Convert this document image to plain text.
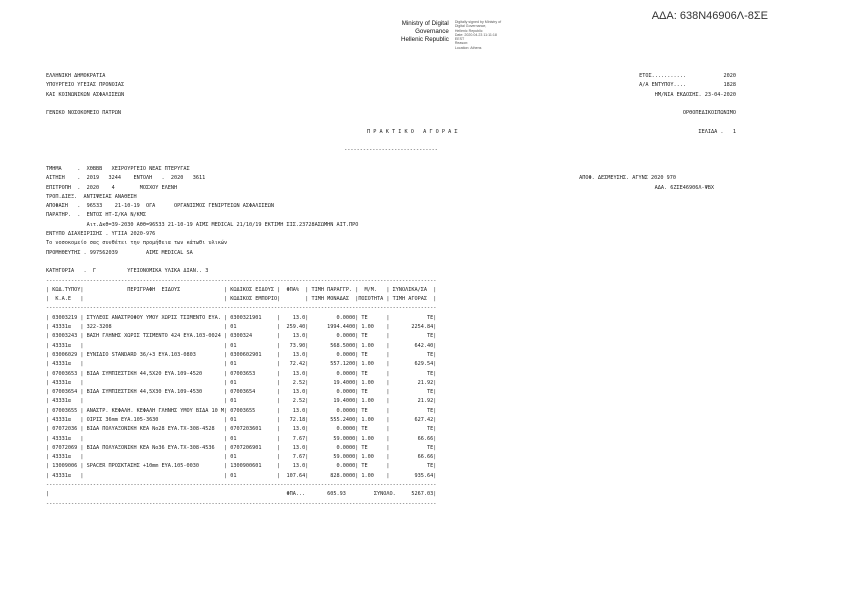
ΑΔΑ: 638Ν46906Λ-8ΣΕ
Ministry of Digital
Governance
Hellenic Republic
Digitally signed by Ministry of
Digital Governance,
Hellenic Republic
Date: 2020.04.23 11:11:18
EEST
Reason:
Location: Athens
ΕΛΛΗΝΙΚΗ ΔΗΜΟΚΡΑΤΙΑ	ΕΤΟΣ...........	2020
ΥΠΟΥΡΓΕΙΟ ΥΓΕΙΑΣ ΠΡΟΝΟΙΑΣ	Α/Α ΕΝΤΥΠΟΥ....	1828
ΚΑΙ ΚΟΙΝΩΝΙΚΩΝ ΑΣΦΑΛΙΣΕΩΝ	ΗΜ/ΝΙΑ ΕΚΔΟΣΗΣ. 23-04-2020
ΓΕΝΙΚΟ ΝΟΣΟΚΟΜΕΙΟ ΠΑΤΡΩΝ	ΟΡΘΟΠΕΔΙΚΟΙΠΩΝΙΜΟ
Π Ρ Α Κ Τ Ι Κ Ο   Α Γ Ο Ρ Α Σ	ΣΕΛΙΔΑ .   1
------------------------------
ΤΜΗΜΑ     .  ΧΘΒΒΒ   ΧΕΙΡΟΥΡΓΕΙΟ ΝΕΑΣ ΠΤΕΡΥΓΑΣ
ΑΙΤΗΣΗ    .  2019   3244    ΕΝΤΟΛΗ   .  2020   3611	ΑΠΟΦ. ΔΕΣΜΕΥΣΗΣ. ΑΓΥΝΣ 2020 970
ΕΠΙΤΡΟΠΗ  .  2020    4        ΜΟΣΧΟΥ ΕΛΕΝΗ	ΑΔΑ. 6ΖΣΕ46906Λ-ΨΒΧ
ΤΡΟΠ.ΔΙΕΞ.  ΑΝΤΙΨΕΙΑΣ ΑΝΑΘΕΣΗ
ΑΠΟΦΑΣΗ   .  96533    21-10-19  ΟΓΑ      ΟΡΓΑΝΙΣΜΟΣ ΓΕΝΙΡΤΕΙΩΝ ΑΣΦΑΛΙΣΕΩΝ
ΠΑΡΑΤΗΡ.  .  ΕΝΤΟΣ ΗΤ-Σ/ΚΑ Ν/ΚΜΣ
Αιτ.Δκθ=39-2030 Αθθ=96533 21-10-19 ΑΙΜΣ MEDICAL 21/10/19 ΕΚΤΙΜΗ ΣΙΣ.23728ΑΣΩΜΗΝ ΑΙΤ.ΠΡΟ
ΕΝΤΥΠΟ ΔΙΑΧΕΙΡΙΣΗΣ . ΥΓΙΙΑ 2020-976
Το νοσοκομείο σας συνθέτει την προμήθεια των κάτωθι υλικών
ΠΡΟΜΗΘΕΥΤΗΣ . 997562039         ΑΙΜΣ MEDICAL SA
ΚΑΤΗΓΟΡΙΑ   .  Γ          ΥΓΕΙΟΝΟΜΙΚΑ ΥΛΙΚΑ ΔΙΑΝ.. 3
-----------------------------------------------------------------------------------------------------------------------------
| ΚΩΔ.ΤΥΠΟΥ|              ΠΕΡΙΓΡΑΦΗ  ΕΙΔΟΥΣ              | ΚΩΔΙΚΟΣ ΕΙΔΟΥΣ |  ΦΠΑ%  | ΤΙΜΗ ΠΑΡΑΓΓΡ. |  Μ/Μ.   | ΣΥΝΟΛΙΚΑ/ΣΑ  |
|  Κ.Α.Ε   |                                             | ΚΩΔΙΚΟΣ ΕΜΠΟΡΙΟ|        | ΤΙΜΗ ΜΟΝΑΔΑΣ  |ΠΟΣΟΤΗΤΑ | ΤΙΜΗ ΑΓΟΡΑΣ  |
-----------------------------------------------------------------------------------------------------------------------------
| 03003219 | ΣΤΥΛΕΟΣ ΑΝΑΣΤΡΟΦΟΥ ΥΜΟΥ ΧΩΡΙΣ ΤΣΙΜΕΝΤΟ ΕΥΑ. | 0300321901     |    13.0|         0.0000| ΤΕ      |            ΤΕ|
| 43331α   | 322-3208                                    | 01             |  259.40|      1994.4400| 1.00    |       2254.84|
| 03003243 | ΒΑΣΗ ΓΛΗΝΗΣ ΧΩΡΙΣ ΤΣΙΜΕΝΤΟ 424 ΕΥΑ.103-0024 | 0300324        |    13.0|         0.0000| ΤΕ      |            ΤΕ|
| 43331α   |                                             | 01             |   73.90|       568.5000| 1.00    |        642.40|
| 03006029 | ΕΥΝΙΔΙΟ STANDARD 36/+3 ΕΥΑ.103-0803         | 0300602901     |    13.0|         0.0000| ΤΕ      |            ΤΕ|
| 43331α   |                                             | 01             |   72.42|       557.1200| 1.00    |        629.54|
| 07003653 | ΒΙΔΑ ΣΥΜΠΙΕΣΤΙΚΗ 44,5Χ20 ΕΥΑ.109-4520       | 07003653       |    13.0|         0.0000| ΤΕ      |            ΤΕ|
| 43331α   |                                             | 01             |    2.52|        19.4000| 1.00    |         21.92|
| 07003654 | ΒΙΔΑ ΣΥΜΠΙΕΣΤΙΚΗ 44,5Χ30 ΕΥΑ.109-4530       | 07003654       |    13.0|         0.0000| ΤΕ      |            ΤΕ|
| 43331α   |                                             | 01             |    2.52|        19.4000| 1.00    |         21.92|
| 07003655 | ΑΝΑΣΤΡ. ΚΕΦΑΛΗ. ΚΕΦΑΛΗ ΓΛΗΝΗΣ ΥΜΟΥ ΒΙΔΑ 10 Μ| 07003655       |    13.0|         0.0000| ΤΕ      |            ΤΕ|
| 43331α   | ΟΙΡΙΣ 36mm ΕΥΑ.105-3630                     | 01             |   72.18|       555.2400| 1.00    |        627.42|
| 07072036 | ΒΙΔΑ ΠΟΛΥΑΞΟΝΙΚΗ ΚΕΑ Νο28 ΕΥΑ.ΤΧ-308-4528   | 0707203601     |    13.0|         0.0000| ΤΕ      |            ΤΕ|
| 43331α   |                                             | 01             |    7.67|        59.0000| 1.00    |         66.66|
| 07072069 | ΒΙΔΑ ΠΟΛΥΑΞΟΝΙΚΗ ΚΕΑ Νο36 ΕΥΑ.ΤΧ-308-4536   | 0707206901     |    13.0|         0.0000| ΤΕ      |            ΤΕ|
| 43331α   |                                             | 01             |    7.67|        59.0000| 1.00    |         66.66|
| 13009006 | SPACER ΠΡΟΣΚΤΑΣΗΣ +10mm ΕΥΑ.105-0030        | 1300900601     |    13.0|         0.0000| ΤΕ      |            ΤΕ|
| 43331α   |                                             | 01             |  107.64|       828.0000| 1.00    |        935.64|
-----------------------------------------------------------------------------------------------------------------------------
|                                                                            ΦΠΑ...       605.93         ΣΥΝΟΛΟ.     5267.03|
-----------------------------------------------------------------------------------------------------------------------------
